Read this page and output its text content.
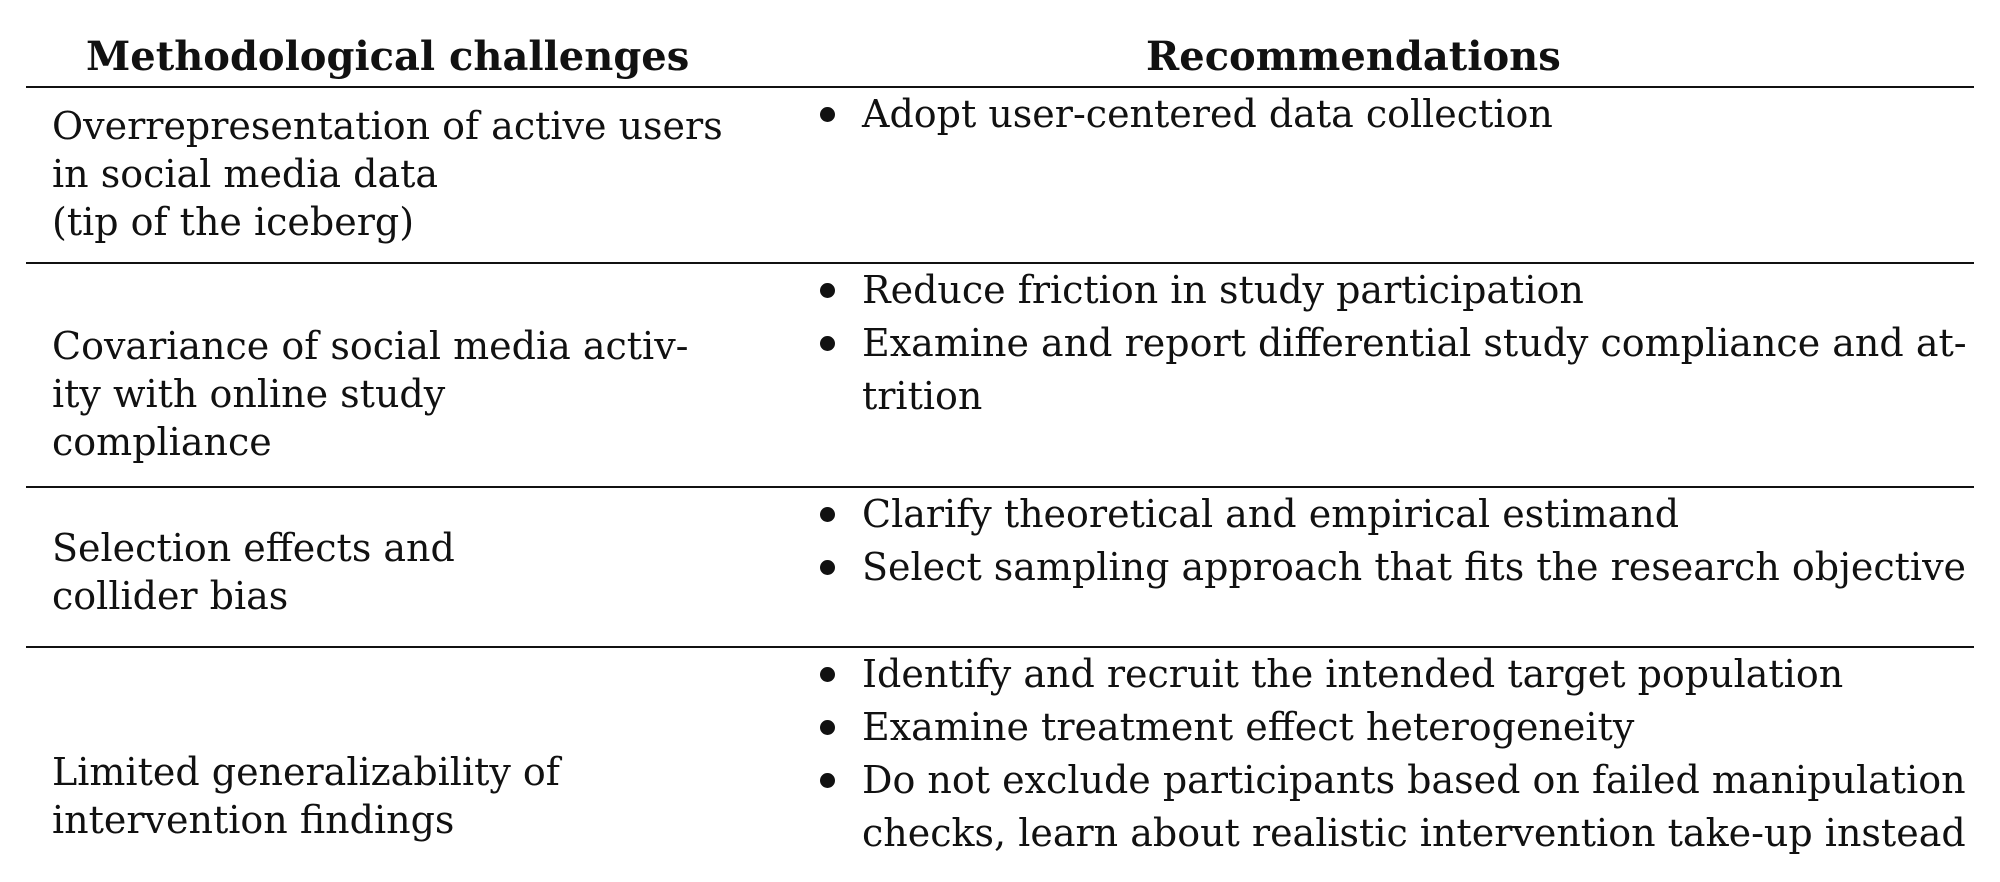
Methodological challenges	Recommendations
Overrepresentation of active users
in social media data
(tip of the iceberg)
Adopt user-centered data collection
Covariance of social media activ-
ity with online study
compliance
Reduce friction in study participation
Examine and report differential study compliance and at-
trition
Selection effects and
collider bias
Clarify theoretical and empirical estimand
Select sampling approach that fits the research objective
Limited generalizability of
intervention findings
Identify and recruit the intended target population
Examine treatment effect heterogeneity
Do not exclude participants based on failed manipulation
checks, learn about realistic intervention take-up instead
